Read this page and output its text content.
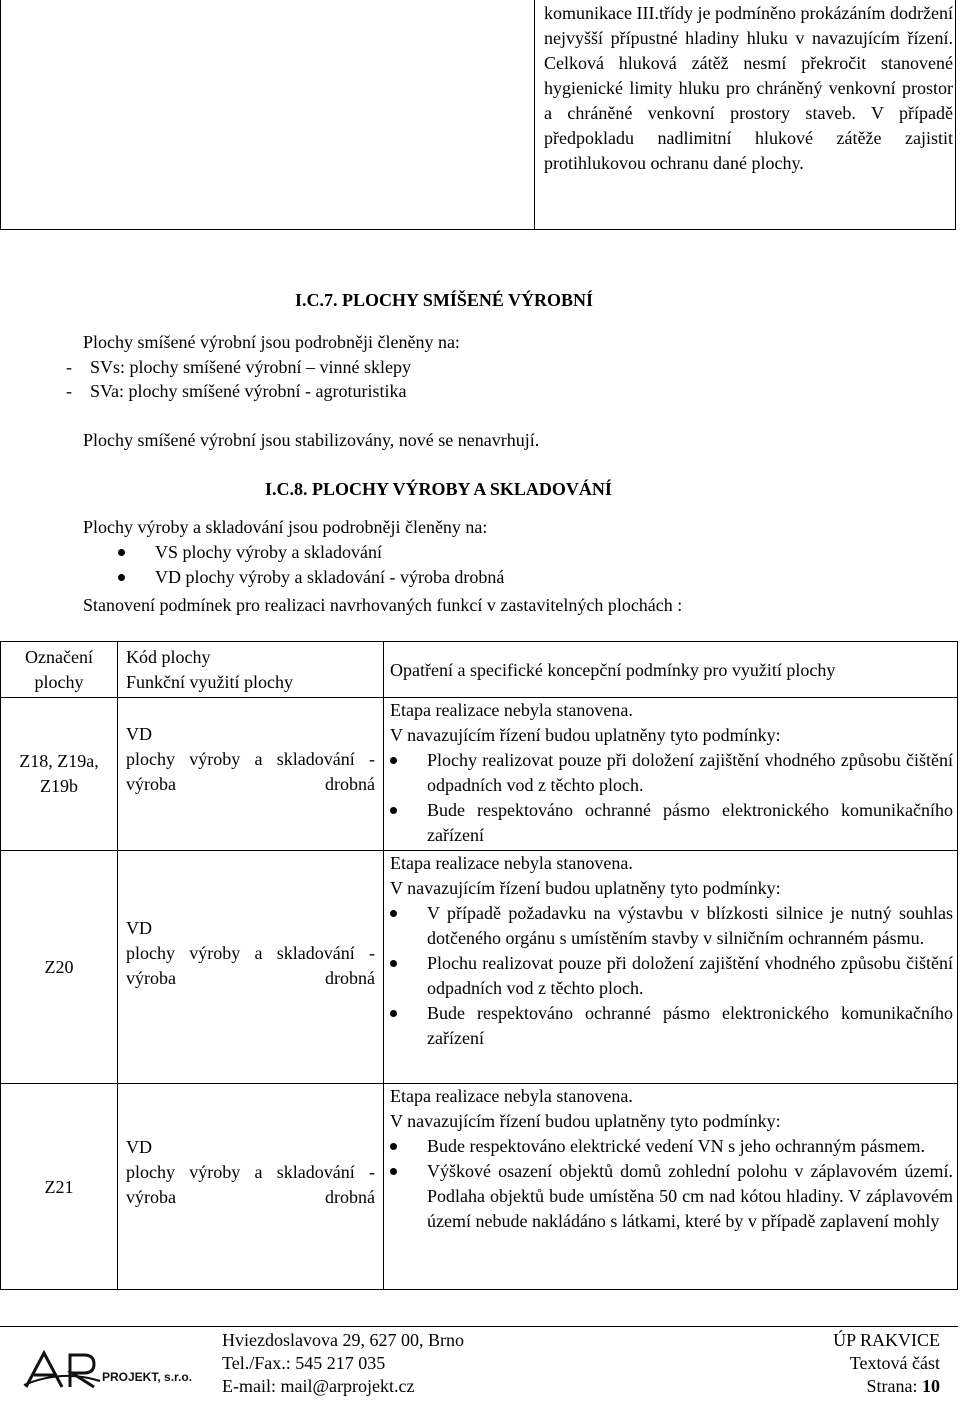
komunikace III.třídy je podmíněno prokázáním dodržení nejvyšší přípustné hladiny hluku v navazujícím řízení. Celková hluková zátěž nesmí překročit stanovené hygienické limity hluku pro chráněný venkovní prostor a chráněné venkovní prostory staveb. V případě předpokladu nadlimitní hlukové zátěže zajistit protihlukovou ochranu dané plochy.
I.C.7. PLOCHY SMÍŠENÉ VÝROBNÍ
Plochy smíšené výrobní jsou podrobněji členěny na:
-    SVs: plochy smíšené výrobní – vinné sklepy
-    SVa: plochy smíšené výrobní - agroturistika
Plochy smíšené výrobní jsou stabilizovány, nové se nenavrhují.
I.C.8. PLOCHY VÝROBY A SKLADOVÁNÍ
Plochy výroby a skladování jsou podrobněji členěny na:
VS plochy výroby a skladování
VD plochy výroby a skladování - výroba drobná
Stanovení podmínek pro realizaci navrhovaných funkcí v zastavitelných plochách :
Označení plochy
Kód plochy
Funkční využití plochy
Opatření a specifické koncepční podmínky pro využití plochy
Z18, Z19a, Z19b
VD
plochy výroby a skladování - výroba drobná
Etapa realizace nebyla stanovena.
V navazujícím řízení budou uplatněny tyto podmínky:
Plochy realizovat pouze při doložení zajištění vhodného způsobu čištění odpadních vod z těchto ploch.
Bude respektováno ochranné pásmo elektronického komunikačního zařízení
Z20
VD
plochy výroby a skladování - výroba drobná
Etapa realizace nebyla stanovena.
V navazujícím řízení budou uplatněny tyto podmínky:
V případě požadavku na výstavbu v blízkosti silnice je nutný souhlas dotčeného orgánu s umístěním stavby v silničním ochranném pásmu.
Plochu realizovat pouze při doložení zajištění vhodného způsobu čištění odpadních vod z těchto ploch.
Bude respektováno ochranné pásmo elektronického komunikačního zařízení
Z21
VD
plochy výroby a skladování - výroba drobná
Etapa realizace nebyla stanovena.
V navazujícím řízení budou uplatněny tyto podmínky:
Bude respektováno elektrické vedení VN s jeho ochranným pásmem.
Výškové osazení objektů domů zohlední polohu v záplavovém území. Podlaha objektů bude umístěna 50 cm nad kótou hladiny. V záplavovém území nebude nakládáno s látkami, které by v případě zaplavení mohly
PROJEKT, s.r.o.
Hviezdoslavova 29, 627 00, Brno
Tel./Fax.: 545 217 035
E-mail: mail@arprojekt.cz
ÚP RAKVICE
Textová část
Strana: 10
